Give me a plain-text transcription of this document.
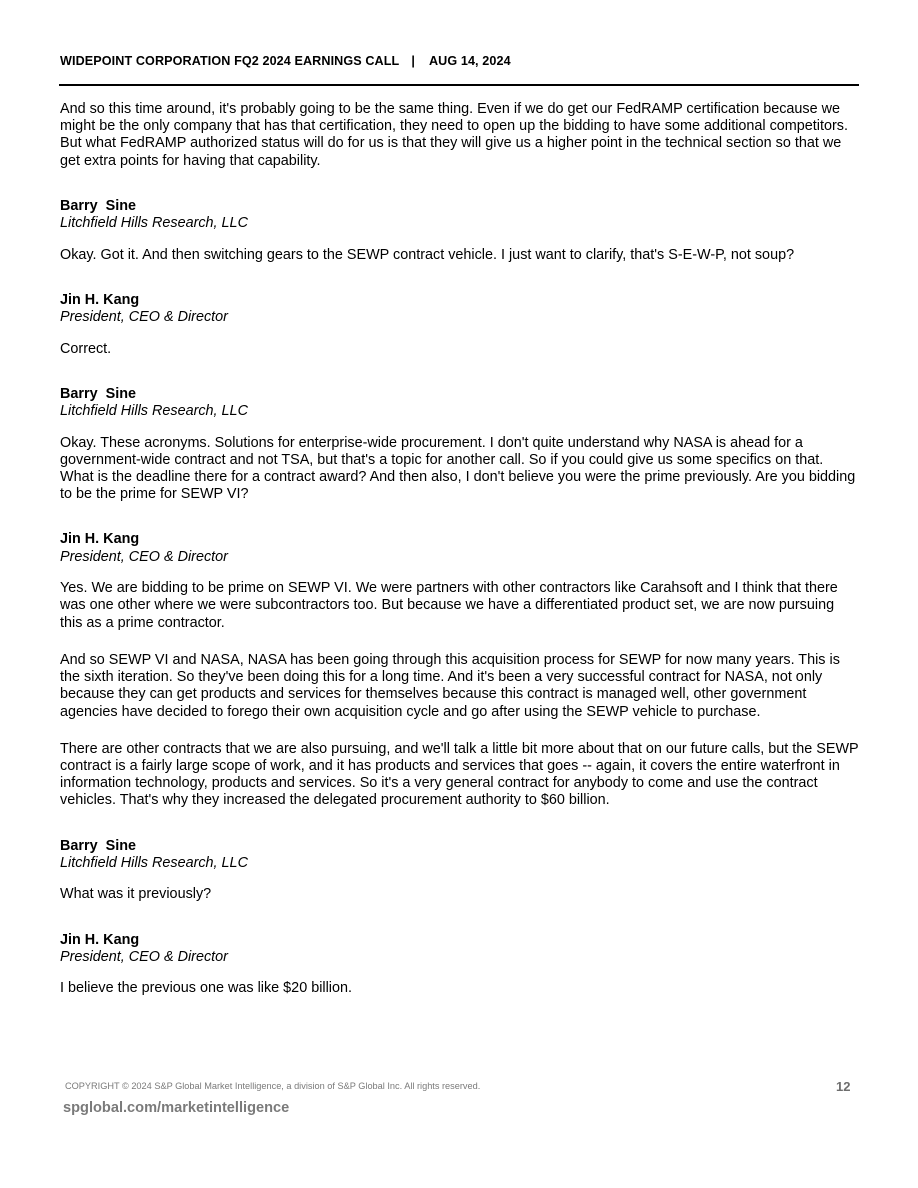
WIDEPOINT CORPORATION FQ2 2024 EARNINGS CALL | AUG 14, 2024

And so this time around, it's probably going to be the same thing. Even if we do get our FedRAMP certification because we might be the only company that has that certification, they need to open up the bidding to have some additional competitors. But what FedRAMP authorized status will do for us is that they will give us a higher point in the technical section so that we get extra points for having that capability.

Barry  Sine

Litchfield Hills Research, LLC

Okay. Got it. And then switching gears to the SEWP contract vehicle. I just want to clarify, that's S-E-W-P, not soup?

Jin H. Kang

President, CEO & Director

Correct.

Barry  Sine

Litchfield Hills Research, LLC

Okay. These acronyms. Solutions for enterprise-wide procurement. I don't quite understand why NASA is ahead for a government-wide contract and not TSA, but that's a topic for another call. So if you could give us some specifics on that. What is the deadline there for a contract award? And then also, I don't believe you were the prime previously. Are you bidding to be the prime for SEWP VI?

Jin H. Kang

President, CEO & Director

Yes. We are bidding to be prime on SEWP VI. We were partners with other contractors like Carahsoft and I think that there was one other where we were subcontractors too. But because we have a differentiated product set, we are now pursuing this as a prime contractor.

And so SEWP VI and NASA, NASA has been going through this acquisition process for SEWP for now many years. This is the sixth iteration. So they've been doing this for a long time. And it's been a very successful contract for NASA, not only because they can get products and services for themselves because this contract is managed well, other government agencies have decided to forego their own acquisition cycle and go after using the SEWP vehicle to purchase.

There are other contracts that we are also pursuing, and we'll talk a little bit more about that on our future calls, but the SEWP contract is a fairly large scope of work, and it has products and services that goes -- again, it covers the entire waterfront in information technology, products and services. So it's a very general contract for anybody to come and use the contract vehicles. That's why they increased the delegated procurement authority to $60 billion.

Barry  Sine

Litchfield Hills Research, LLC

What was it previously?

Jin H. Kang

President, CEO & Director

I believe the previous one was like $20 billion.

COPYRIGHT © 2024 S&P Global Market Intelligence, a division of S&P Global Inc. All rights reserved.	12
spglobal.com/marketintelligence
